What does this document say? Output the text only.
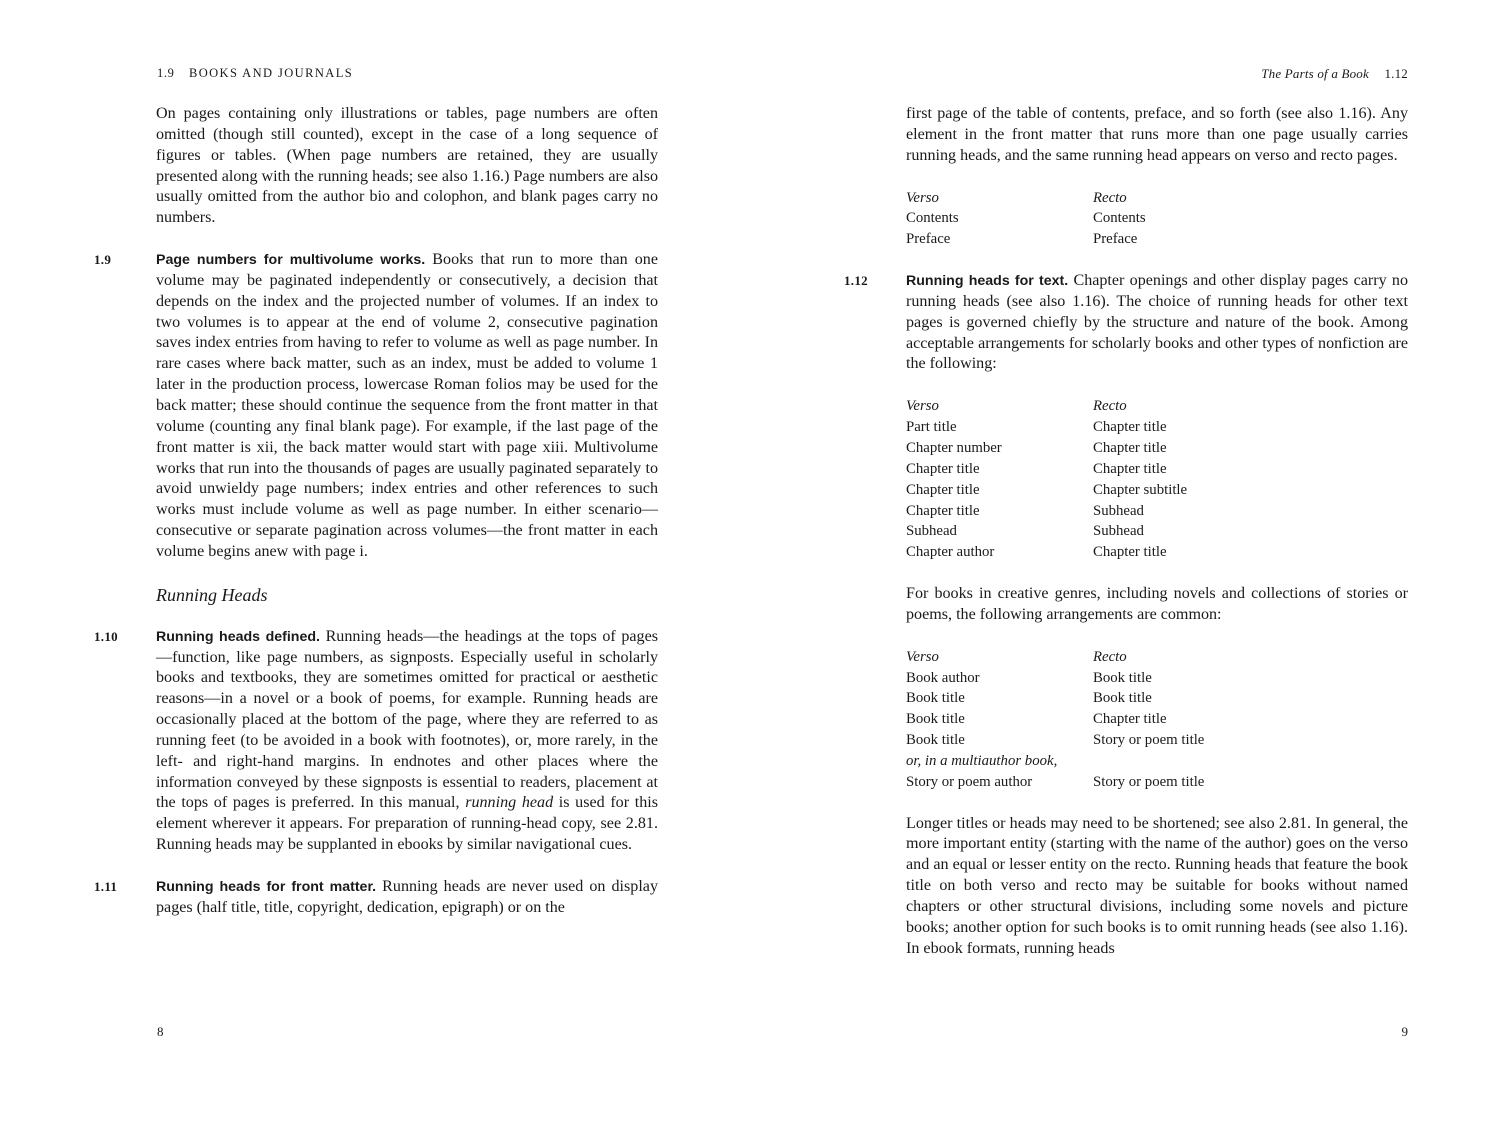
1.9 BOOKS AND JOURNALS

On pages containing only illustrations or tables, page numbers are often omitted (though still counted), except in the case of a long sequence of figures or tables. (When page numbers are retained, they are usually presented along with the running heads; see also 1.16.) Page numbers are also usually omitted from the author bio and colophon, and blank pages carry no numbers.

1.9	Page numbers for multivolume works. Books that run to more than one volume may be paginated independently or consecutively, a decision that depends on the index and the projected number of volumes. If an index to two volumes is to appear at the end of volume 2, consecutive pagination saves index entries from having to refer to volume as well as page number. In rare cases where back matter, such as an index, must be added to volume 1 later in the production process, lowercase Roman folios may be used for the back matter; these should continue the sequence from the front matter in that volume (counting any final blank page). For example, if the last page of the front matter is xii, the back matter would start with page xiii. Multivolume works that run into the thousands of pages are usually paginated separately to avoid unwieldy page numbers; index entries and other references to such works must include volume as well as page number. In either scenario—consecutive or separate pagination across volumes—the front matter in each volume begins anew with page i.

Running Heads

1.10	Running heads defined. Running heads—the headings at the tops of pages—function, like page numbers, as signposts. Especially useful in scholarly books and textbooks, they are sometimes omitted for practical or aesthetic reasons—in a novel or a book of poems, for example. Running heads are occasionally placed at the bottom of the page, where they are referred to as running feet (to be avoided in a book with footnotes), or, more rarely, in the left- and right-hand margins. In endnotes and other places where the information conveyed by these signposts is essential to readers, placement at the tops of pages is preferred. In this manual, running head is used for this element wherever it appears. For preparation of running-head copy, see 2.81. Running heads may be supplanted in ebooks by similar navigational cues.

1.11	Running heads for front matter. Running heads are never used on display pages (half title, title, copyright, dedication, epigraph) or on the

8
The Parts of a Book 1.12

first page of the table of contents, preface, and so forth (see also 1.16). Any element in the front matter that runs more than one page usually carries running heads, and the same running head appears on verso and recto pages.

Verso	Recto
Contents	Contents
Preface	Preface

1.12	Running heads for text. Chapter openings and other display pages carry no running heads (see also 1.16). The choice of running heads for other text pages is governed chiefly by the structure and nature of the book. Among acceptable arrangements for scholarly books and other types of nonfiction are the following:

Verso	Recto
Part title	Chapter title
Chapter number	Chapter title
Chapter title	Chapter title
Chapter title	Chapter subtitle
Chapter title	Subhead
Subhead	Subhead
Chapter author	Chapter title

For books in creative genres, including novels and collections of stories or poems, the following arrangements are common:

Verso	Recto
Book author	Book title
Book title	Book title
Book title	Chapter title
Book title	Story or poem title
or, in a multiauthor book,	
Story or poem author	Story or poem title

Longer titles or heads may need to be shortened; see also 2.81. In general, the more important entity (starting with the name of the author) goes on the verso and an equal or lesser entity on the recto. Running heads that feature the book title on both verso and recto may be suitable for books without named chapters or other structural divisions, including some novels and picture books; another option for such books is to omit running heads (see also 1.16). In ebook formats, running heads

9
